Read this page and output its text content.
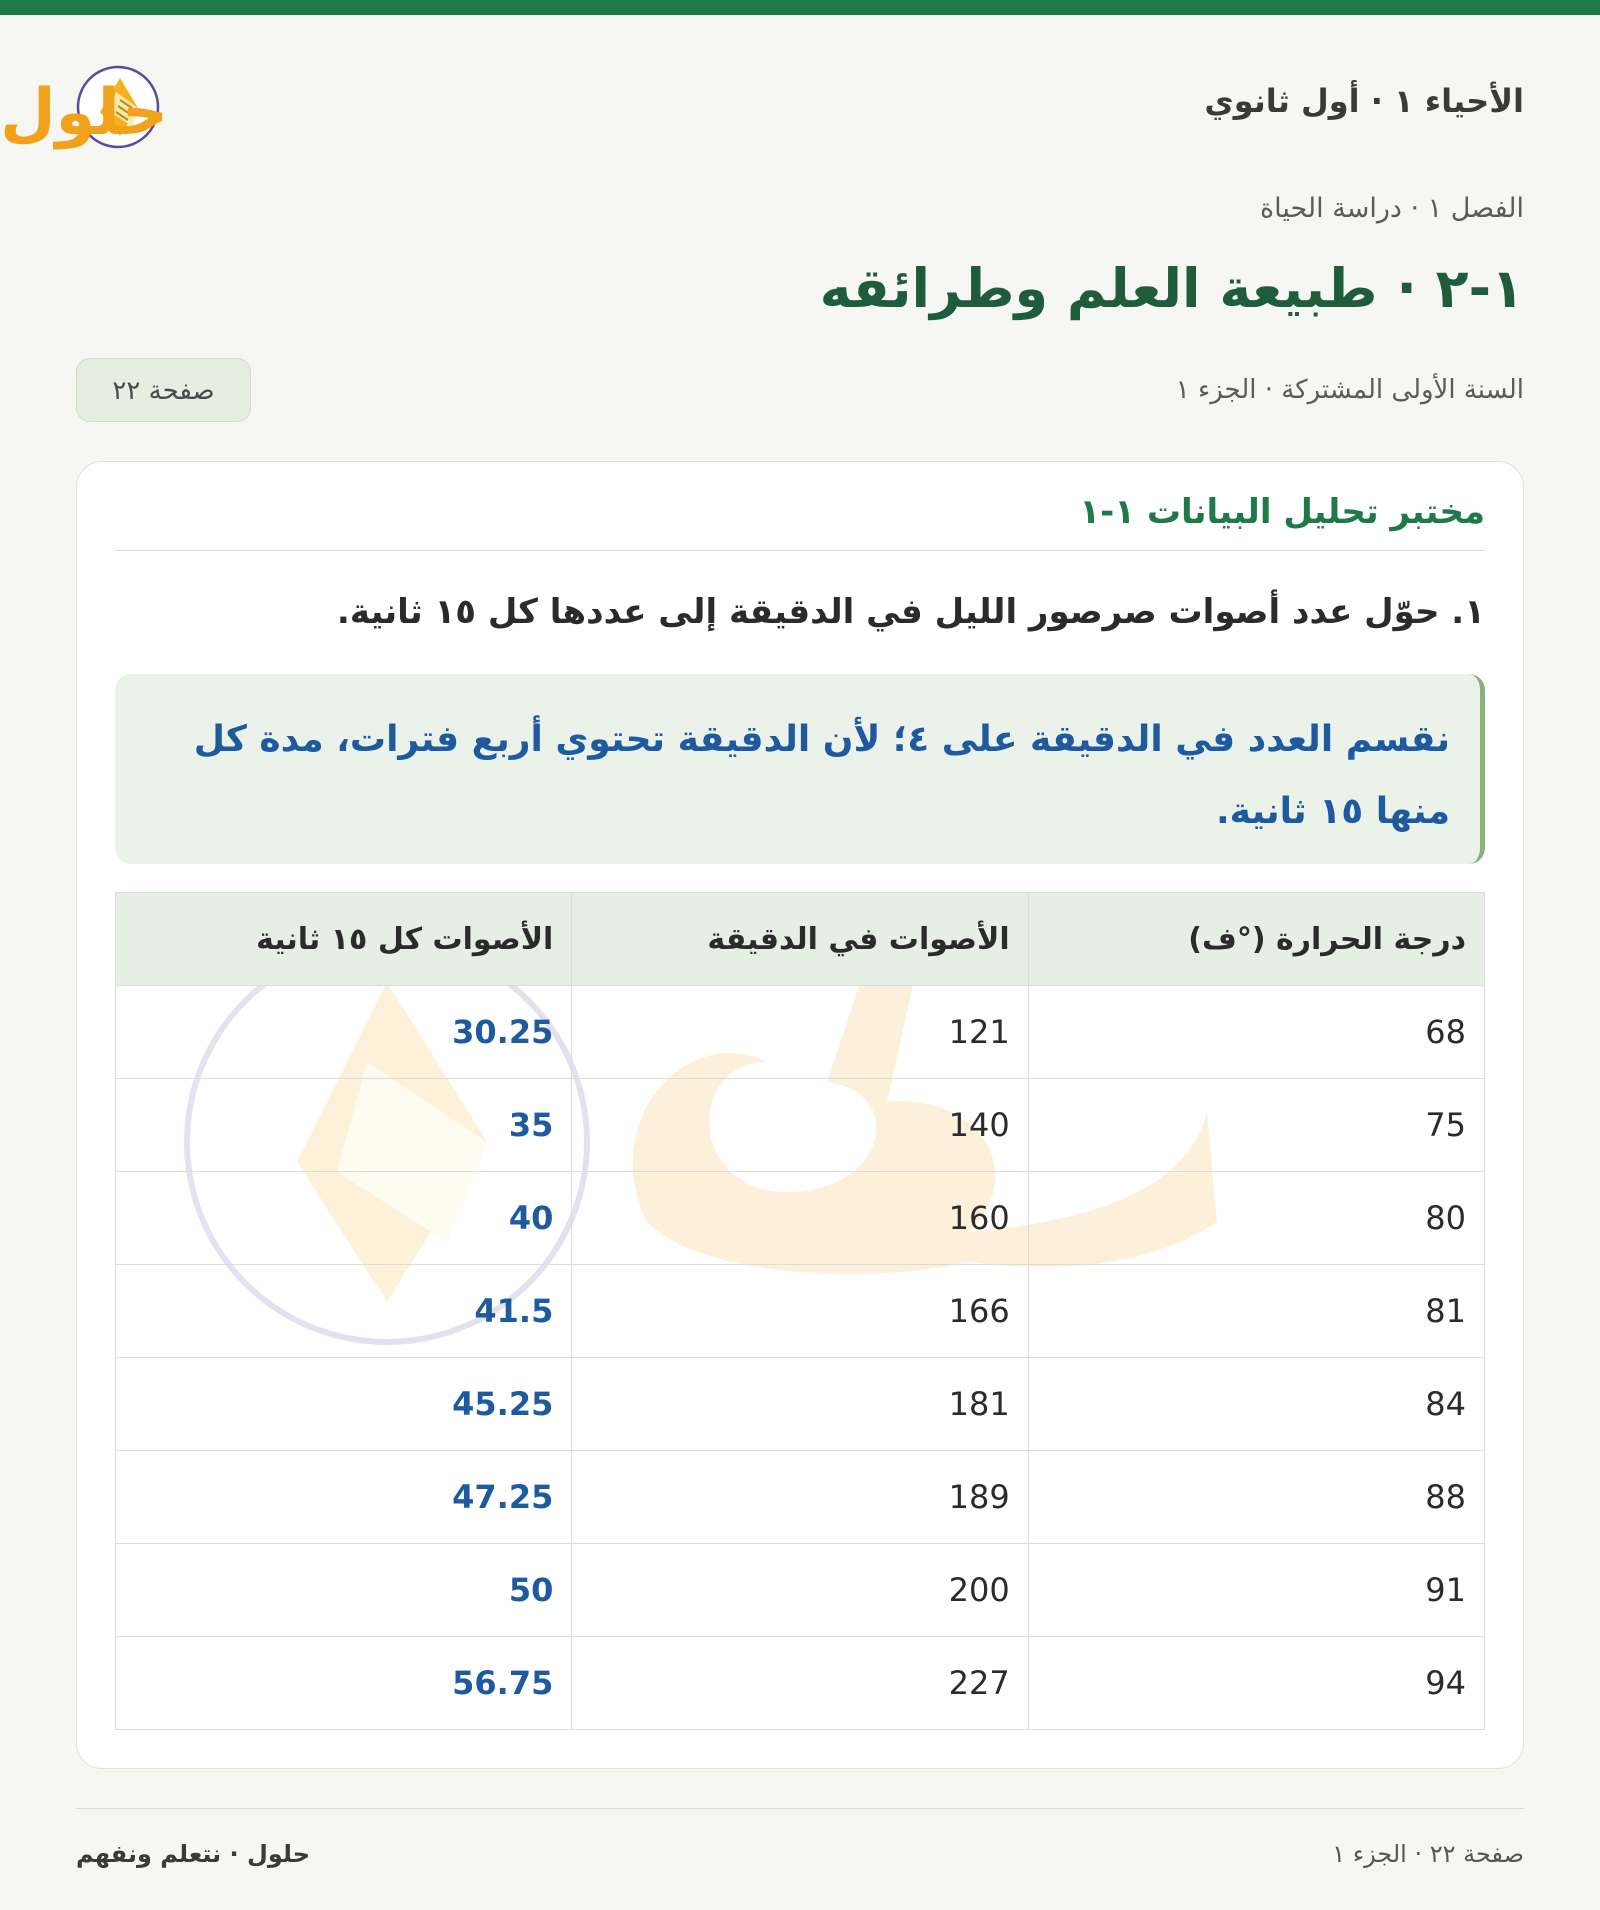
الأحياء ١ · أول ثانوي
حلول
الفصل ١ · دراسة الحياة
١-٢ · طبيعة العلم وطرائقه
السنة الأولى المشتركة · الجزء ١
صفحة ٢٢
مختبر تحليل البيانات ١-١
١. حوّل عدد أصوات صرصور الليل في الدقيقة إلى عددها كل ١٥ ثانية.
نقسم العدد في الدقيقة على ٤؛ لأن الدقيقة تحتوي أربع فترات، مدة كل منها ١٥ ثانية.
درجة الحرارة (°ف)	الأصوات في الدقيقة	الأصوات كل ١٥ ثانية
68	121	30.25
75	140	35
80	160	40
81	166	41.5
84	181	45.25
88	189	47.25
91	200	50
94	227	56.75
صفحة ٢٢ · الجزء ١
حلول · نتعلم ونفهم
